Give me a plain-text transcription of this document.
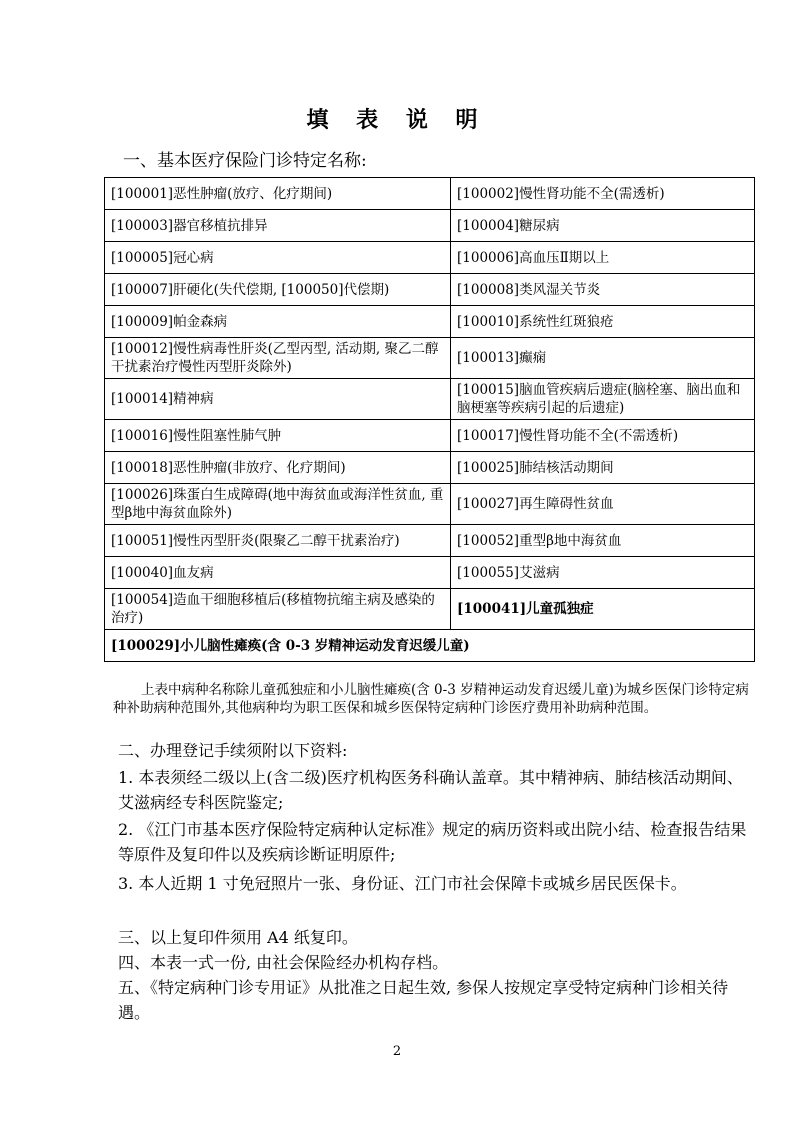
填 表 说 明
一、基本医疗保险门诊特定名称:
[100001]恶性肿瘤(放疗、化疗期间)	[100002]慢性肾功能不全(需透析)
[100003]器官移植抗排异	[100004]糖尿病
[100005]冠心病	[100006]高血压Ⅱ期以上
[100007]肝硬化(失代偿期, [100050]代偿期)	[100008]类风湿关节炎
[100009]帕金森病	[100010]系统性红斑狼疮
[100012]慢性病毒性肝炎(乙型丙型, 活动期, 聚乙二醇干扰素治疗慢性丙型肝炎除外)	[100013]癫痫
[100014]精神病	[100015]脑血管疾病后遗症(脑栓塞、脑出血和脑梗塞等疾病引起的后遗症)
[100016]慢性阻塞性肺气肿	[100017]慢性肾功能不全(不需透析)
[100018]恶性肿瘤(非放疗、化疗期间)	[100025]肺结核活动期间
[100026]珠蛋白生成障碍(地中海贫血或海洋性贫血, 重型β地中海贫血除外)	[100027]再生障碍性贫血
[100051]慢性丙型肝炎(限聚乙二醇干扰素治疗)	[100052]重型β地中海贫血
[100040]血友病	[100055]艾滋病
[100054]造血干细胞移植后(移植物抗缩主病及感染的治疗)	[100041]儿童孤独症
[100029]小儿脑性瘫痪(含 0-3 岁精神运动发育迟缓儿童)	
上表中病种名称除儿童孤独症和小儿脑性瘫痪(含 0-3 岁精神运动发育迟缓儿童)为城乡医保门诊特定病种补助病种范围外,其他病种均为职工医保和城乡医保特定病种门诊医疗费用补助病种范围。
二、办理登记手续须附以下资料:
1. 本表须经二级以上(含二级)医疗机构医务科确认盖章。其中精神病、肺结核活动期间、艾滋病经专科医院鉴定;
2. 《江门市基本医疗保险特定病种认定标准》规定的病历资料或出院小结、检查报告结果等原件及复印件以及疾病诊断证明原件;
3. 本人近期 1 寸免冠照片一张、身份证、江门市社会保障卡或城乡居民医保卡。
三、以上复印件须用 A4 纸复印。
四、本表一式一份, 由社会保险经办机构存档。
五、《特定病种门诊专用证》从批准之日起生效, 参保人按规定享受特定病种门诊相关待遇。
2
